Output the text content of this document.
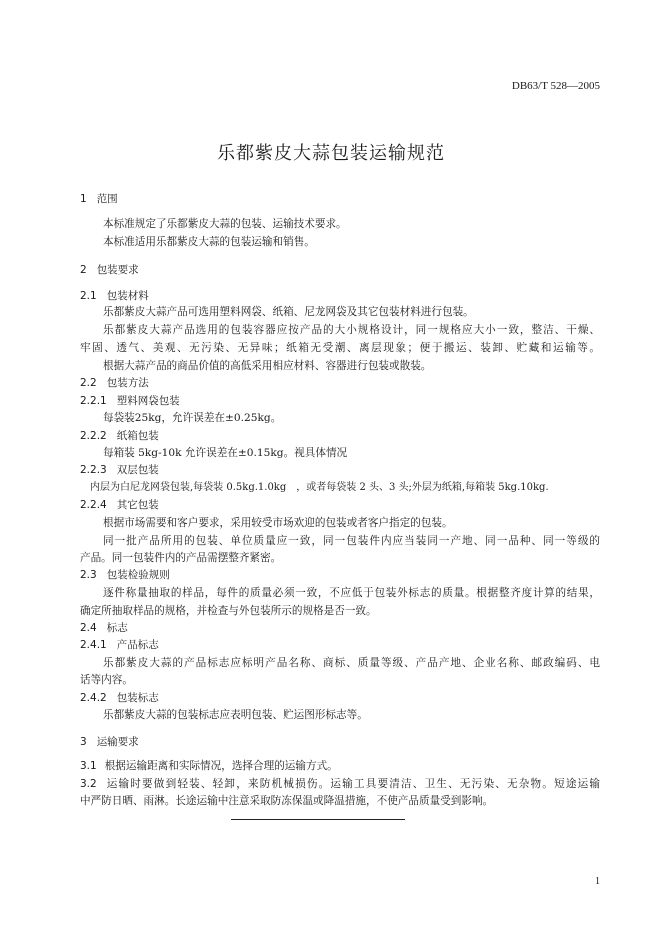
DB63/T 528—2005
乐都紫皮大蒜包装运输规范
1 范围
本标准规定了乐都紫皮大蒜的包装、运输技术要求。
本标准适用乐都紫皮大蒜的包装运输和销售。
2 包装要求
2.1 包装材料
乐都紫皮大蒜产品可选用塑料网袋、纸箱、尼龙网袋及其它包装材料进行包装。
乐都紫皮大蒜产品选用的包装容器应按产品的大小规格设计，同一规格应大小一致，整洁、干燥、
牢固、透气、美观、无污染、无异味；纸箱无受潮、离层现象；便于搬运、装卸、贮藏和运输等。
根据大蒜产品的商品价值的高低采用相应材料、容器进行包装或散装。
2.2 包装方法
2.2.1 塑料网袋包装
每袋装25kg，允许误差在±0.25kg。
2.2.2 纸箱包装
每箱装 5kg-10k 允许误差在±0.15kg。视具体情况
2.2.3 双层包装
内层为白尼龙网袋包装,每袋装 0.5kg.1.0kg　，或者每袋装 2 头、3 头;外层为纸箱,每箱装 5kg.10kg.
2.2.4 其它包装
根据市场需要和客户要求，采用较受市场欢迎的包装或者客户指定的包装。
同一批产品所用的包装、单位质量应一致，同一包装件内应当装同一产地、同一品种、同一等级的
产品。同一包装件内的产品需摆整齐紧密。
2.3 包装检验规则
逐件称量抽取的样品，每件的质量必须一致，不应低于包装外标志的质量。根据整齐度计算的结果，
确定所抽取样品的规格，并检查与外包装所示的规格是否一致。
2.4 标志
2.4.1 产品标志
乐都紫皮大蒜的产品标志应标明产品名称、商标、质量等级、产品产地、企业名称、邮政编码、电
话等内容。
2.4.2 包装标志
乐都紫皮大蒜的包装标志应表明包装、贮运图形标志等。
3 运输要求
3.1 根据运输距离和实际情况，选择合理的运输方式。
3.2 运输时要做到轻装、轻卸，来防机械损伤。运输工具要清洁、卫生、无污染、无杂物。短途运输
中严防日晒、雨淋。长途运输中注意采取防冻保温或降温措施，不使产品质量受到影响。
1
